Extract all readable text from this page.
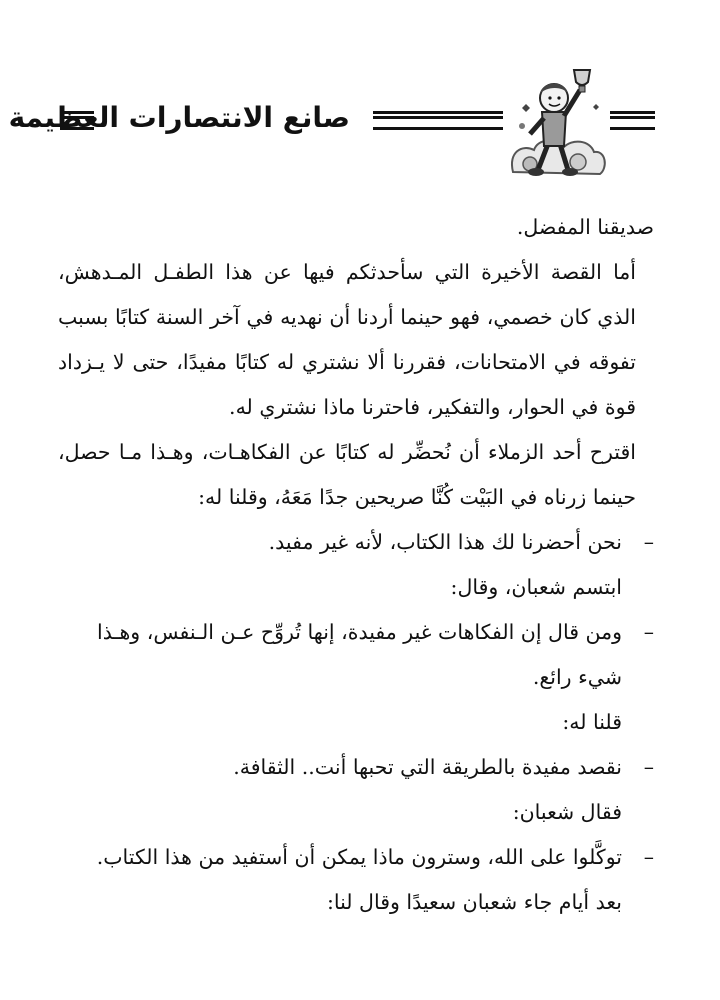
صانع الانتصارات العظيمة

صديقنا المفضل.

أما القصة الأخيرة التي سأحدثكم فيها عن هذا الطفـل المـدهش، الذي كان خصمي، فهو حينما أردنا أن نهديه في آخر السنة كتابًا بسبب تفوقه في الامتحانات، فقررنا ألا نشتري له كتابًا مفيدًا، حتى لا يـزداد قوة في الحوار، والتفكير، فاحترنا ماذا نشتري له.

اقترح أحد الزملاء أن نُحضِّر له كتابًا عن الفكاهـات، وهـذا مـا حصل، حينما زرناه في البَيْت كُنَّا صريحين جدًا مَعَهُ، وقلنا له:

–
نحن أحضرنا لك هذا الكتاب، لأنه غير مفيد.

ابتسم شعبان، وقال:

–
ومن قال إن الفكاهات غير مفيدة، إنها تُروِّح عـن الـنفس، وهـذا شيء رائع.

قلنا له:

–
نقصد مفيدة بالطريقة التي تحبها أنت.. الثقافة.

فقال شعبان:

–
توكَّلوا على الله، وسترون ماذا يمكن أن أستفيد من هذا الكتاب.

بعد أيام جاء شعبان سعيدًا وقال لنا:
